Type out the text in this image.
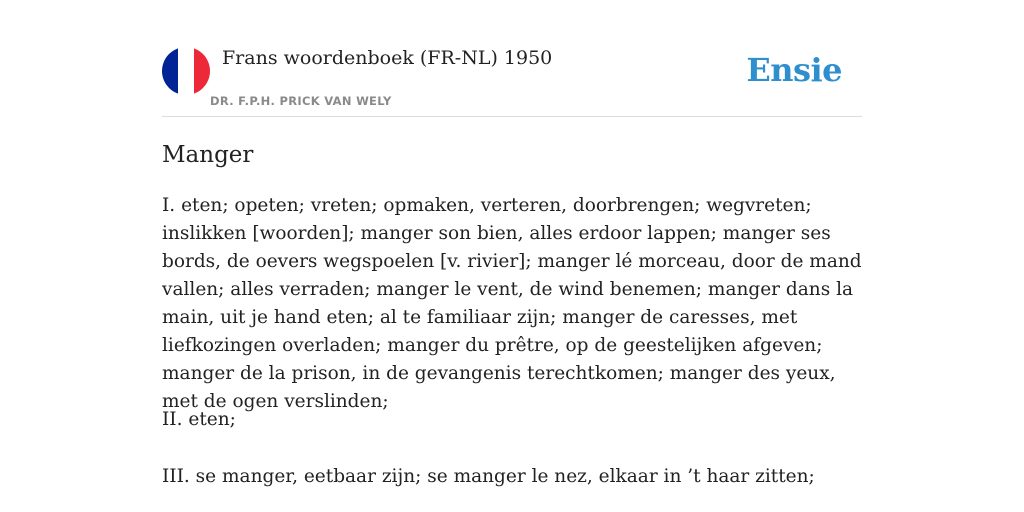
Frans woordenboek (FR-NL) 1950
DR. F.P.H. PRICK VAN WELY
Ensie
Manger

I. eten; opeten; vreten; opmaken, verteren, doorbrengen; wegvreten; inslikken [woorden]; manger son bien, alles erdoor lappen; manger ses bords, de oevers wegspoelen [v. rivier]; manger lé morceau, door de mand vallen; alles verraden; manger le vent, de wind benemen; manger dans la main, uit je hand eten; al te familiaar zijn; manger de caresses, met liefkozingen overladen; manger du prêtre, op de geestelijken afgeven; manger de la prison, in de gevangenis terechtkomen; manger des yeux, met de ogen verslinden;

II. eten;

III. se manger, eetbaar zijn; se manger le nez, elkaar in ’t haar zitten;
